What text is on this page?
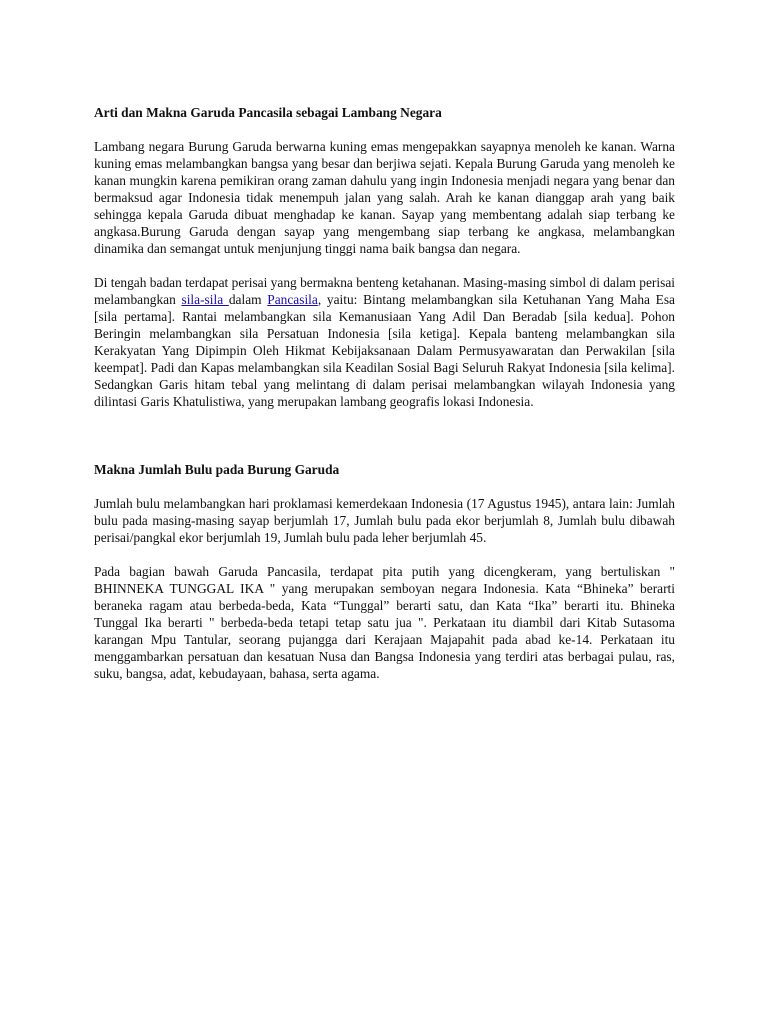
Arti dan Makna Garuda Pancasila sebagai Lambang Negara

Lambang negara Burung Garuda berwarna kuning emas mengepakkan sayapnya menoleh ke kanan. Warna kuning emas melambangkan bangsa yang besar dan berjiwa sejati. Kepala Burung Garuda yang menoleh ke kanan mungkin karena pemikiran orang zaman dahulu yang ingin Indonesia menjadi negara yang benar dan bermaksud agar Indonesia tidak menempuh jalan yang salah. Arah ke kanan dianggap arah yang baik sehingga kepala Garuda dibuat menghadap ke kanan. Sayap yang membentang adalah siap terbang ke angkasa.Burung Garuda dengan sayap yang mengembang siap terbang ke angkasa, melambangkan dinamika dan semangat untuk menjunjung tinggi nama baik bangsa dan negara.

Di tengah badan terdapat perisai yang bermakna benteng ketahanan. Masing-masing simbol di dalam perisai melambangkan sila-sila dalam Pancasila, yaitu: Bintang melambangkan sila Ketuhanan Yang Maha Esa [sila pertama]. Rantai melambangkan sila Kemanusiaan Yang Adil Dan Beradab [sila kedua]. Pohon Beringin melambangkan sila Persatuan Indonesia [sila ketiga]. Kepala banteng melambangkan sila Kerakyatan Yang Dipimpin Oleh Hikmat Kebijaksanaan Dalam Permusyawaratan dan Perwakilan [sila keempat]. Padi dan Kapas melambangkan sila Keadilan Sosial Bagi Seluruh Rakyat Indonesia [sila kelima]. Sedangkan Garis hitam tebal yang melintang di dalam perisai melambangkan wilayah Indonesia yang dilintasi Garis Khatulistiwa, yang merupakan lambang geografis lokasi Indonesia.

Makna Jumlah Bulu pada Burung Garuda

Jumlah bulu melambangkan hari proklamasi kemerdekaan Indonesia (17 Agustus 1945), antara lain: Jumlah bulu pada masing-masing sayap berjumlah 17, Jumlah bulu pada ekor berjumlah 8, Jumlah bulu dibawah perisai/pangkal ekor berjumlah 19, Jumlah bulu pada leher berjumlah 45.

Pada bagian bawah Garuda Pancasila, terdapat pita putih yang dicengkeram, yang bertuliskan " BHINNEKA TUNGGAL IKA " yang merupakan semboyan negara Indonesia. Kata “Bhineka” berarti beraneka ragam atau berbeda-beda, Kata “Tunggal” berarti satu, dan Kata “Ika” berarti itu. Bhineka Tunggal Ika berarti " berbeda-beda tetapi tetap satu jua ". Perkataan itu diambil dari Kitab Sutasoma karangan Mpu Tantular, seorang pujangga dari Kerajaan Majapahit pada abad ke-14. Perkataan itu menggambarkan persatuan dan kesatuan Nusa dan Bangsa Indonesia yang terdiri atas berbagai pulau, ras, suku, bangsa, adat, kebudayaan, bahasa, serta agama.
